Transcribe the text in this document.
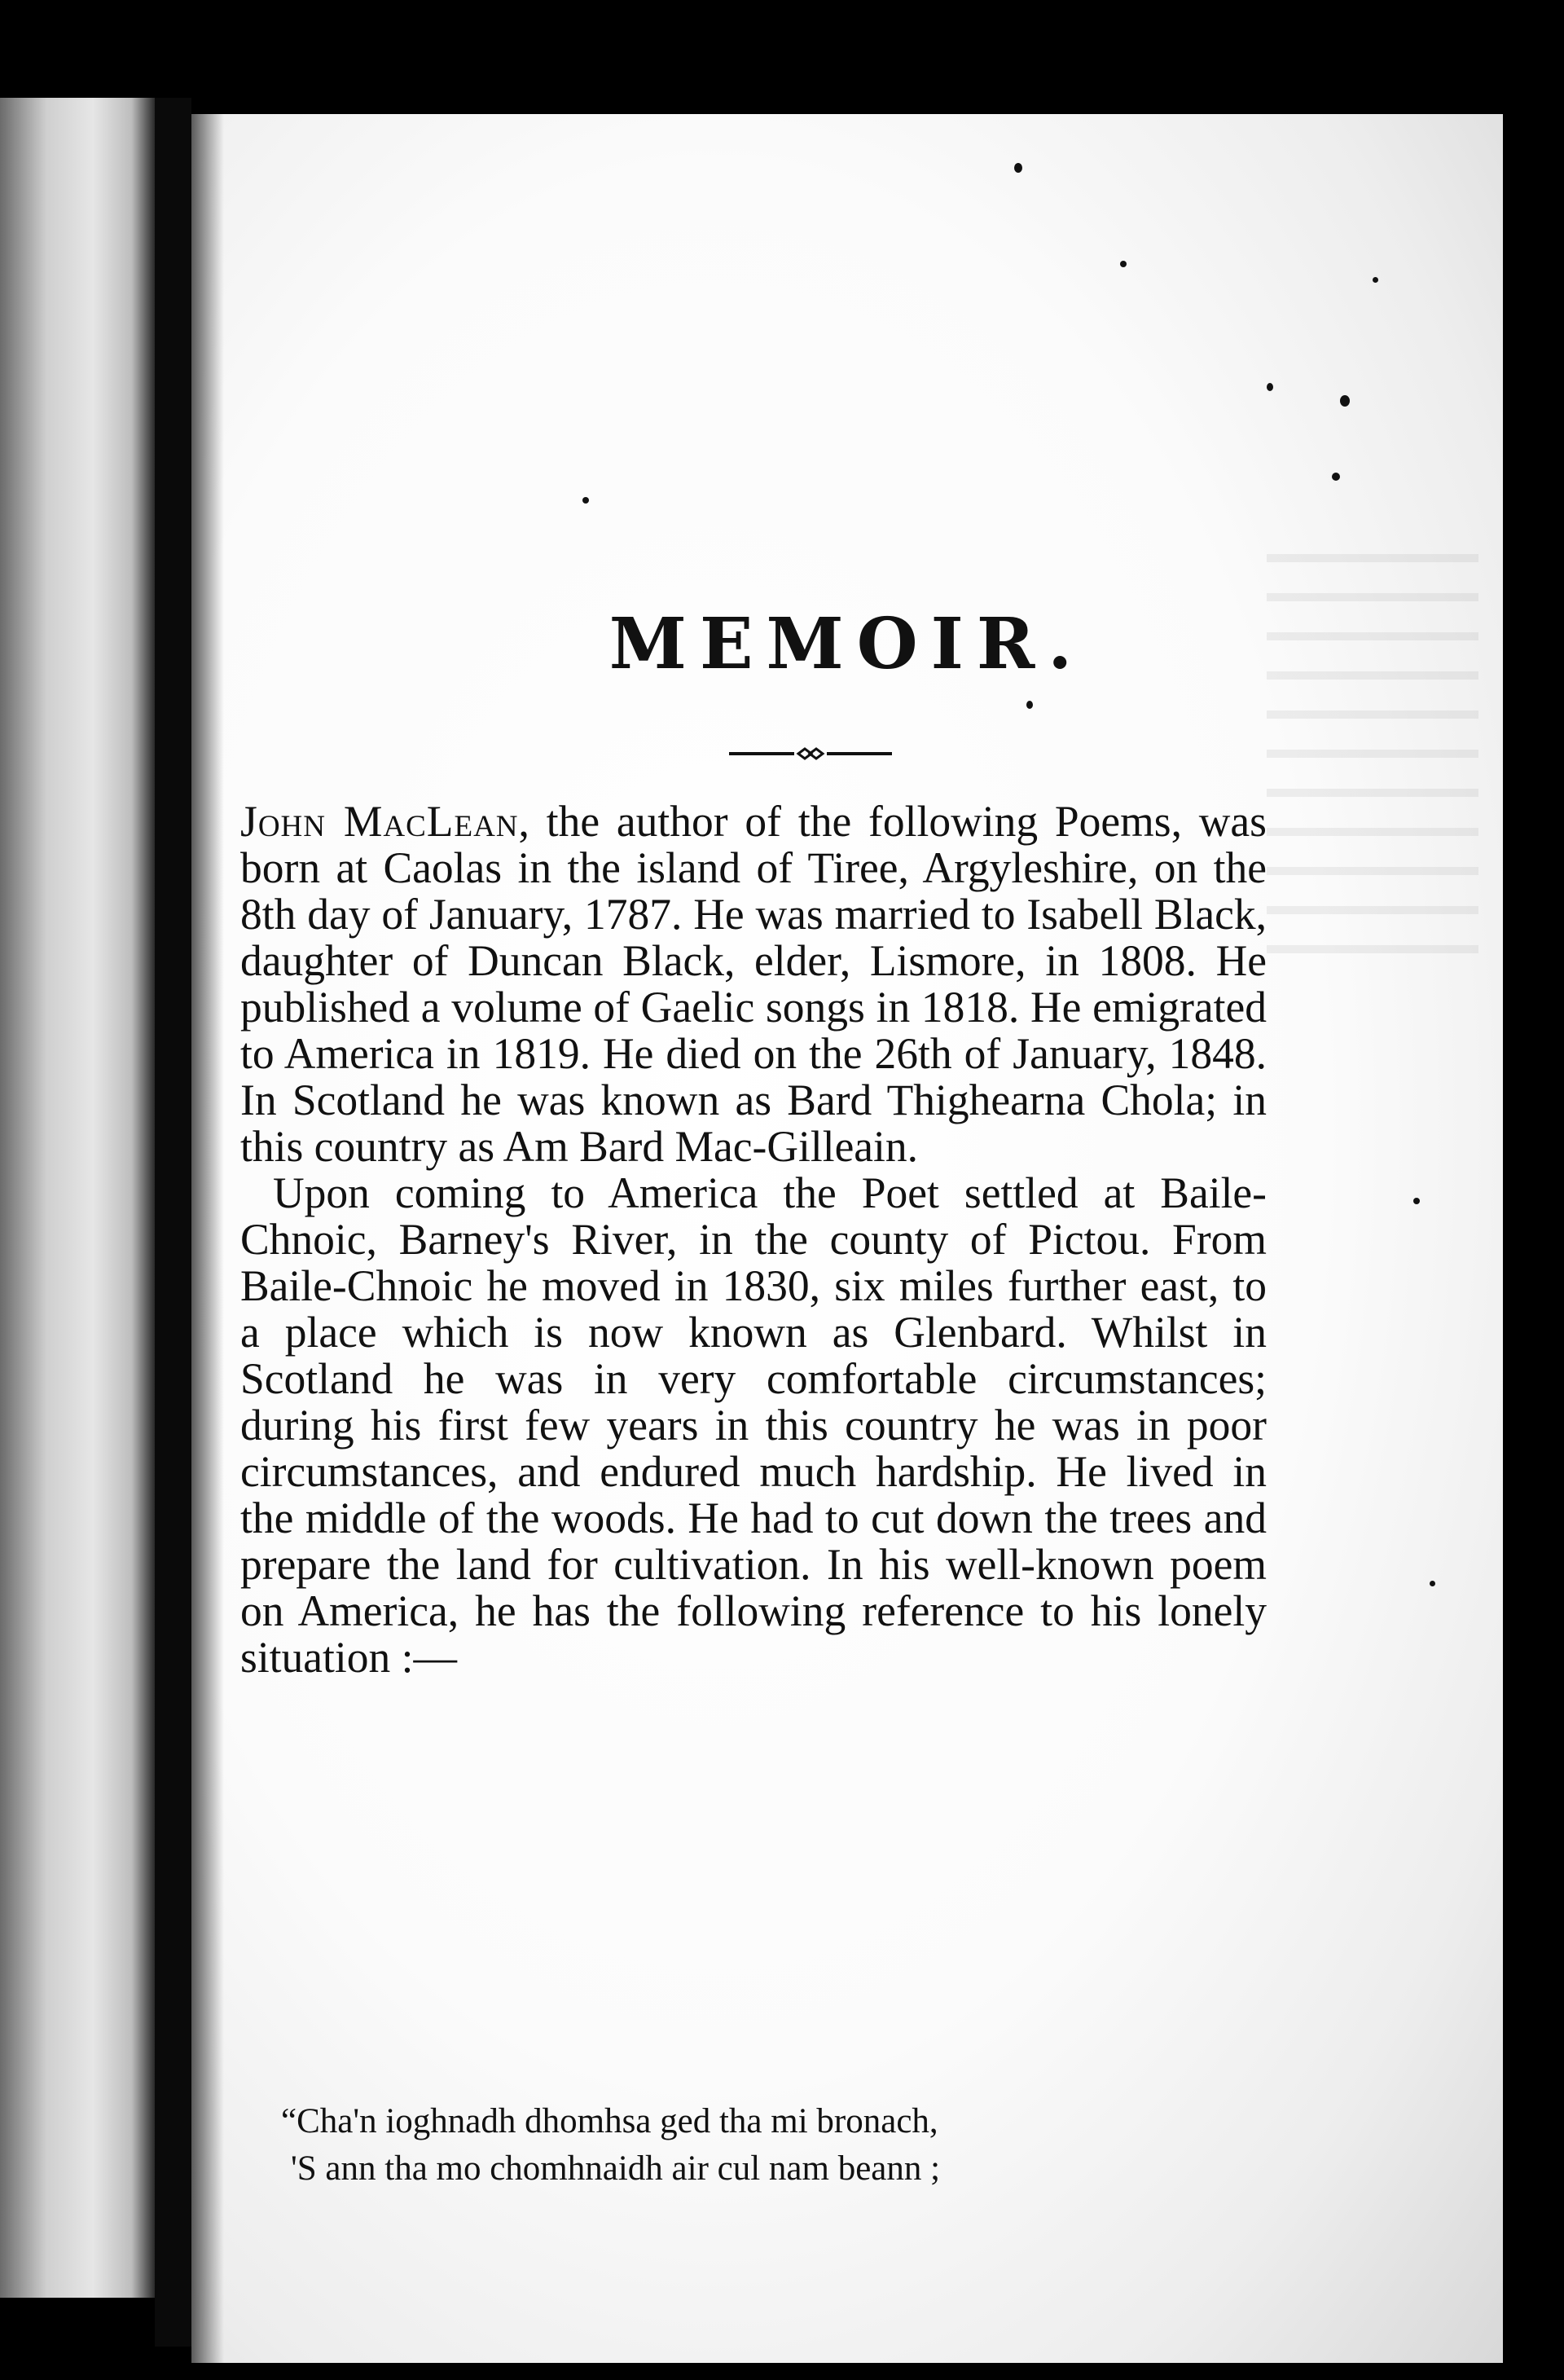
MEMOIR.

John MacLean, the author of the following Poems, was born at Caolas in the island of Tiree, Argyleshire, on the 8th day of January, 1787. He was married to Isabell Black, daughter of Duncan Black, elder, Lismore, in 1808. He published a volume of Gaelic songs in 1818. He emigrated to America in 1819. He died on the 26th of January, 1848. In Scotland he was known as Bard Thighearna Chola; in this country as Am Bard Mac-Gilleain.

Upon coming to America the Poet settled at Baile-Chnoic, Barney's River, in the county of Pictou. From Baile-Chnoic he moved in 1830, six miles further east, to a place which is now known as Glenbard. Whilst in Scotland he was in very comfortable circumstances; during his first few years in this country he was in poor circumstances, and endured much hardship. He lived in the middle of the woods. He had to cut down the trees and prepare the land for cultivation. In his well-known poem on America, he has the following reference to his lonely situation :—

“Cha'n ioghnadh dhomhsa ged tha mi bronach,
'S ann tha mo chomhnaidh air cul nam beann ;
